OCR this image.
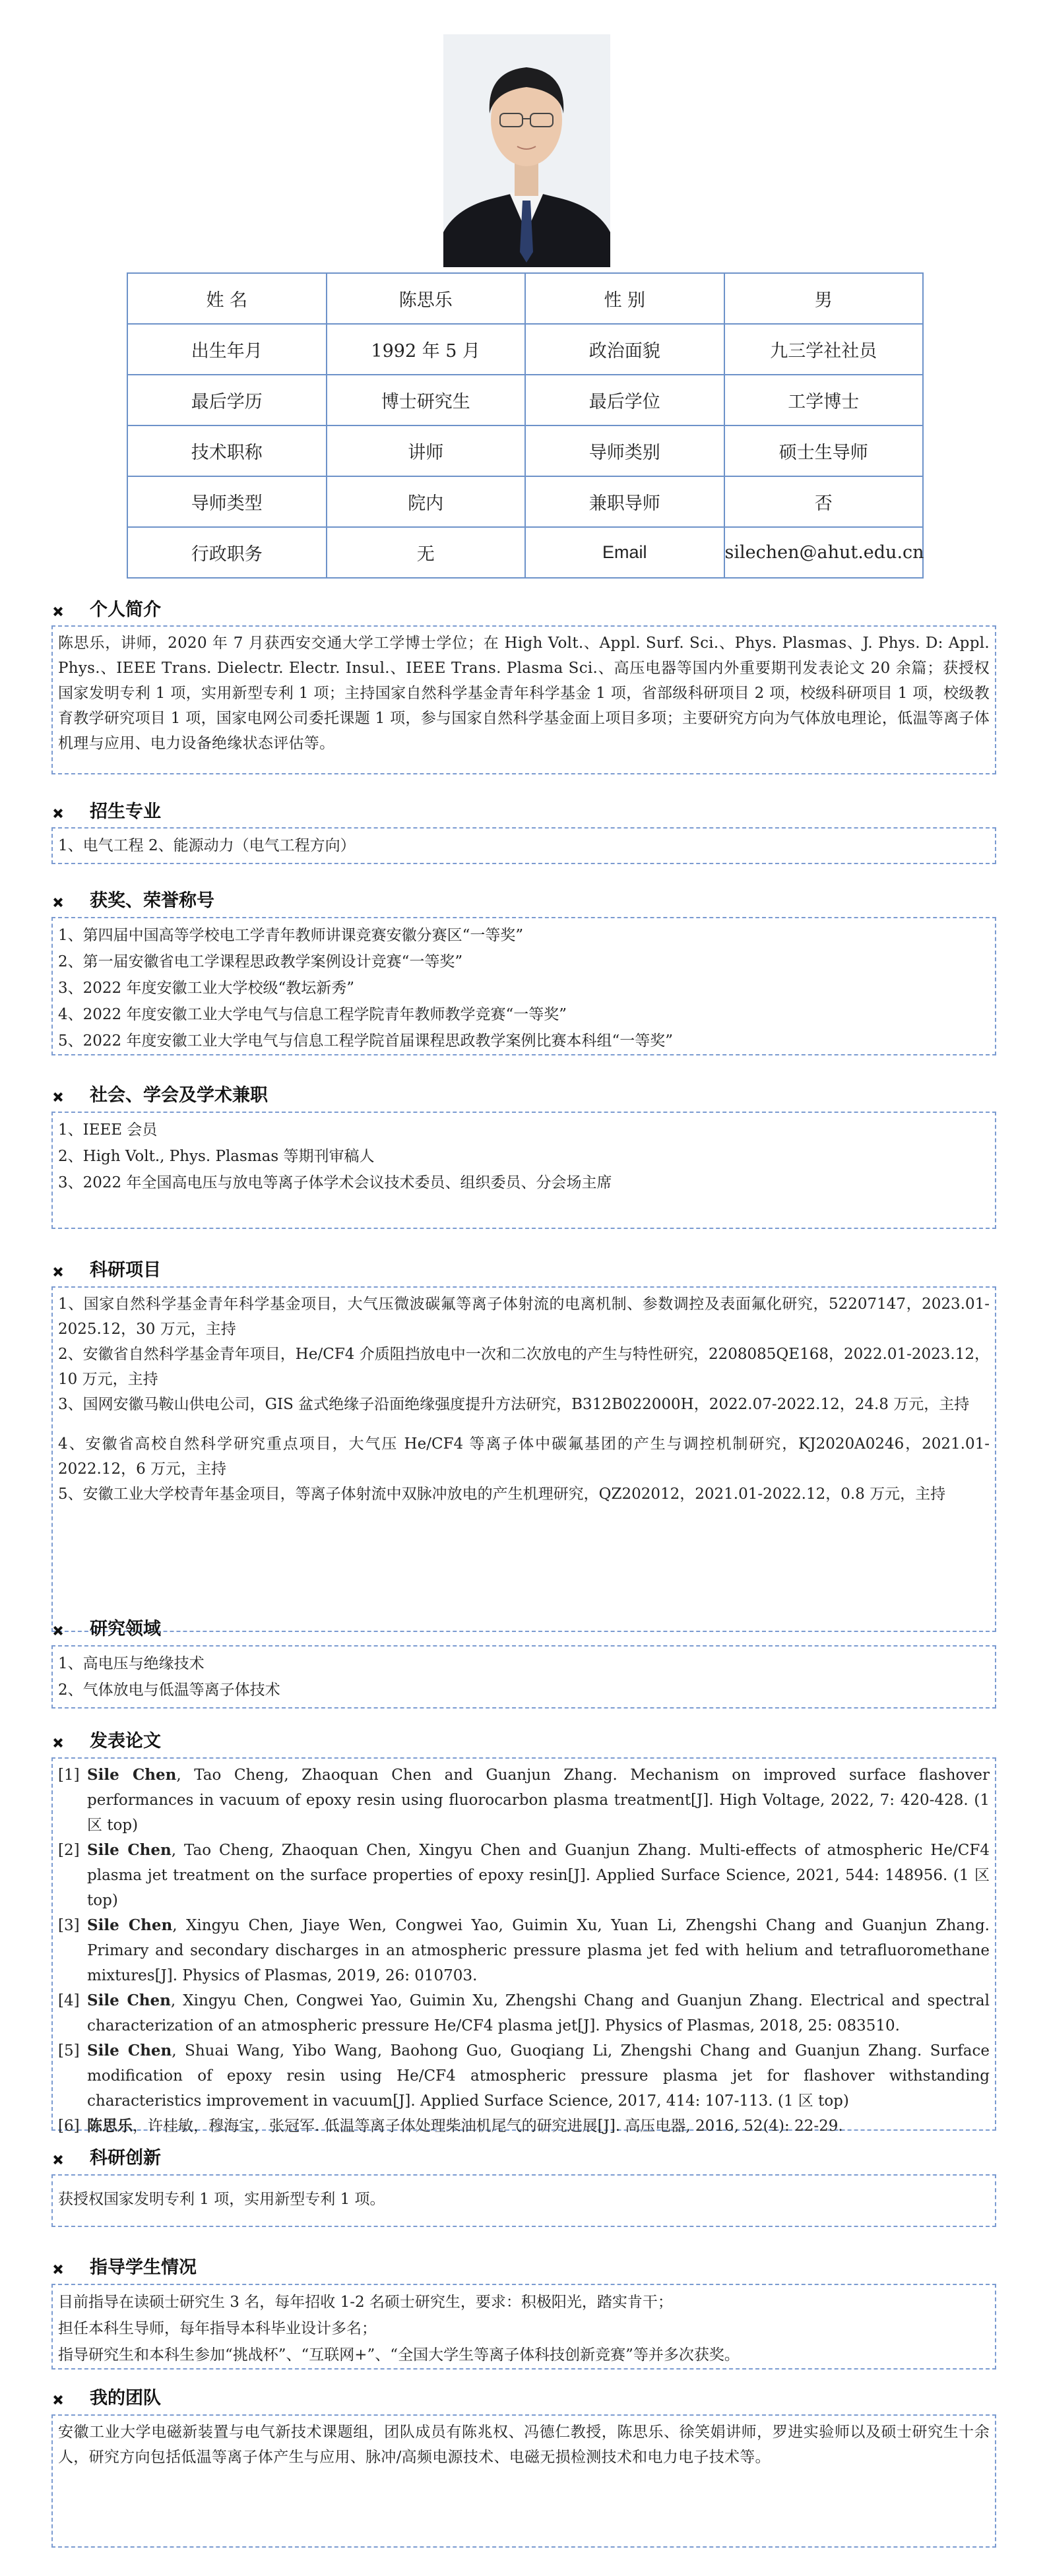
姓 名	陈思乐	性 别	男
出生年月	1992 年 5 月	政治面貌	九三学社社员
最后学历	博士研究生	最后学位	工学博士
技术职称	讲师	导师类别	硕士生导师
导师类型	院内	兼职导师	否
行政职务	无	Email	silechen@ahut.edu.cn
个人简介

陈思乐，讲师，2020 年 7 月获西安交通大学工学博士学位；在 High Volt.、Appl. Surf. Sci.、Phys. Plasmas、J. Phys. D: Appl. Phys.、IEEE Trans. Dielectr. Electr. Insul.、IEEE Trans. Plasma Sci.、高压电器等国内外重要期刊发表论文 20 余篇；获授权国家发明专利 1 项，实用新型专利 1 项；主持国家自然科学基金青年科学基金 1 项，省部级科研项目 2 项，校级科研项目 1 项，校级教育教学研究项目 1 项，国家电网公司委托课题 1 项，参与国家自然科学基金面上项目多项；主要研究方向为气体放电理论，低温等离子体机理与应用、电力设备绝缘状态评估等。

招生专业

1、电气工程 2、能源动力（电气工程方向）

获奖、荣誉称号

1、第四届中国高等学校电工学青年教师讲课竞赛安徽分赛区“一等奖”

2、第一届安徽省电工学课程思政教学案例设计竞赛“一等奖”

3、2022 年度安徽工业大学校级“教坛新秀”

4、2022 年度安徽工业大学电气与信息工程学院青年教师教学竞赛“一等奖”

5、2022 年度安徽工业大学电气与信息工程学院首届课程思政教学案例比赛本科组“一等奖”

社会、学会及学术兼职

1、IEEE 会员

2、High Volt., Phys. Plasmas 等期刊审稿人

3、2022 年全国高电压与放电等离子体学术会议技术委员、组织委员、分会场主席

科研项目

1、国家自然科学基金青年科学基金项目，大气压微波碳氟等离子体射流的电离机制、参数调控及表面氟化研究，52207147，2023.01-2025.12，30 万元，主持

2、安徽省自然科学基金青年项目，He/CF4 介质阻挡放电中一次和二次放电的产生与特性研究，2208085QE168，2022.01-2023.12，10 万元，主持

3、国网安徽马鞍山供电公司，GIS 盆式绝缘子沿面绝缘强度提升方法研究，B312B022000H，2022.07-2022.12，24.8 万元，主持

4、安徽省高校自然科学研究重点项目，大气压 He/CF4 等离子体中碳氟基团的产生与调控机制研究，KJ2020A0246，2021.01-2022.12，6 万元，主持

5、安徽工业大学校青年基金项目，等离子体射流中双脉冲放电的产生机理研究，QZ202012，2021.01-2022.12，0.8 万元，主持

研究领域

1、高电压与绝缘技术

2、气体放电与低温等离子体技术

发表论文
[1] Sile Chen, Tao Cheng, Zhaoquan Chen and Guanjun Zhang. Mechanism on improved surface flashover performances in vacuum of epoxy resin using fluorocarbon plasma treatment[J]. High Voltage, 2022, 7: 420-428. (1 区 top)
[2] Sile Chen, Tao Cheng, Zhaoquan Chen, Xingyu Chen and Guanjun Zhang. Multi-effects of atmospheric He/CF4 plasma jet treatment on the surface properties of epoxy resin[J]. Applied Surface Science, 2021, 544: 148956. (1 区 top)
[3] Sile Chen, Xingyu Chen, Jiaye Wen, Congwei Yao, Guimin Xu, Yuan Li, Zhengshi Chang and Guanjun Zhang. Primary and secondary discharges in an atmospheric pressure plasma jet fed with helium and tetrafluoromethane mixtures[J]. Physics of Plasmas, 2019, 26: 010703.
[4] Sile Chen, Xingyu Chen, Congwei Yao, Guimin Xu, Zhengshi Chang and Guanjun Zhang. Electrical and spectral characterization of an atmospheric pressure He/CF4 plasma jet[J]. Physics of Plasmas, 2018, 25: 083510.
[5] Sile Chen, Shuai Wang, Yibo Wang, Baohong Guo, Guoqiang Li, Zhengshi Chang and Guanjun Zhang. Surface modification of epoxy resin using He/CF4 atmospheric pressure plasma jet for flashover withstanding characteristics improvement in vacuum[J]. Applied Surface Science, 2017, 414: 107-113. (1 区 top)
[6] 陈思乐，许桂敏，穆海宝，张冠军. 低温等离子体处理柴油机尾气的研究进展[J]. 高压电器, 2016, 52(4): 22-29.
科研创新

获授权国家发明专利 1 项，实用新型专利 1 项。

指导学生情况

目前指导在读硕士研究生 3 名，每年招收 1-2 名硕士研究生，要求：积极阳光，踏实肯干；

担任本科生导师，每年指导本科毕业设计多名；

指导研究生和本科生参加“挑战杯”、“互联网+”、“全国大学生等离子体科技创新竞赛”等并多次获奖。

我的团队

安徽工业大学电磁新装置与电气新技术课题组，团队成员有陈兆权、冯德仁教授，陈思乐、徐笑娟讲师，罗进实验师以及硕士研究生十余人，研究方向包括低温等离子体产生与应用、脉冲/高频电源技术、电磁无损检测技术和电力电子技术等。
